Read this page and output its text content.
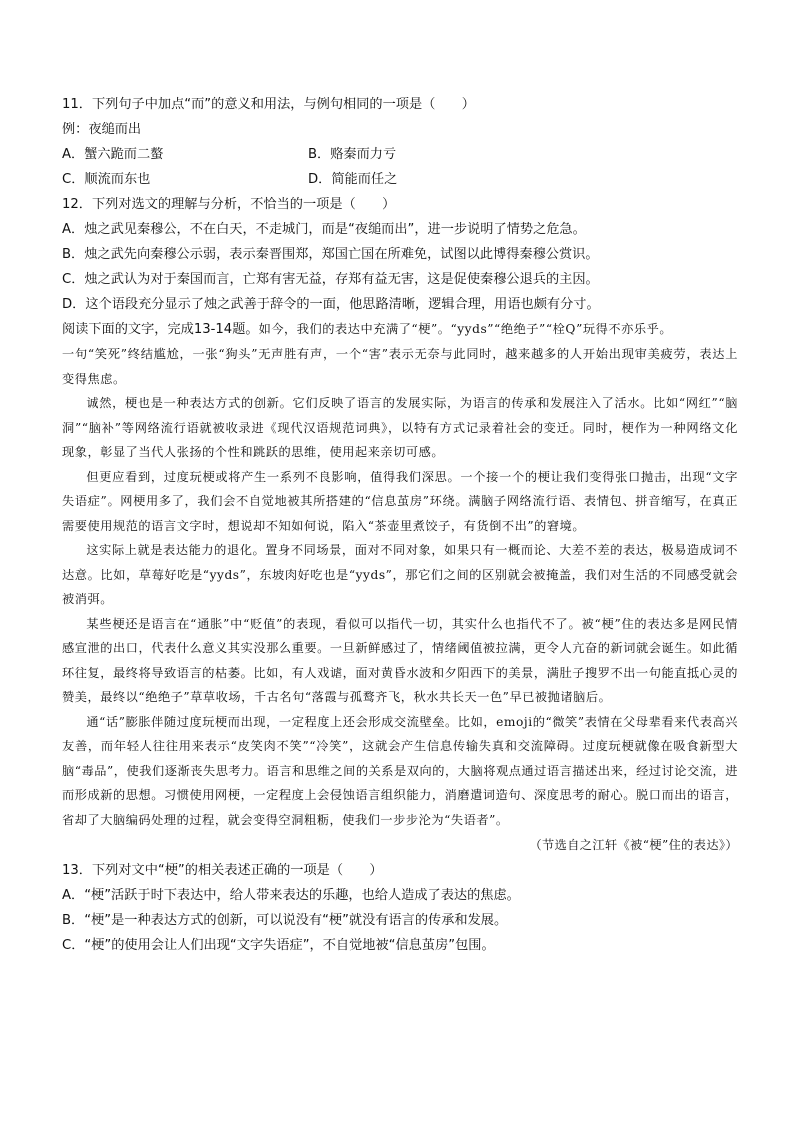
11．下列句子中加点“而”的意义和用法，与例句相同的一项是（　　）
例：夜缒而出
A．蟹六跪而二螯	B．赂秦而力亏
C．顺流而东也	D．简能而任之
12．下列对选文的理解与分析，不恰当的一项是（　　）
A．烛之武见秦穆公，不在白天，不走城门，而是“夜缒而出”，进一步说明了情势之危急。
B．烛之武先向秦穆公示弱，表示秦晋围郑，郑国亡国在所难免，试图以此博得秦穆公赏识。
C．烛之武认为对于秦国而言，亡郑有害无益，存郑有益无害，这是促使秦穆公退兵的主因。
D．这个语段充分显示了烛之武善于辞令的一面，他思路清晰，逻辑合理，用语也颇有分寸。
阅读下面的文字，完成13-14题。如今，我们的表达中充满了“梗”。“yyds”“绝绝子”“栓Q”玩得不亦乐乎。

一句“笑死”终结尴尬，一张“狗头”无声胜有声，一个“害”表示无奈与此同时，越来越多的人开始出现审美疲劳，表达上变得焦虑。

诚然，梗也是一种表达方式的创新。它们反映了语言的发展实际，为语言的传承和发展注入了活水。比如“网红”“脑洞”“脑补”等网络流行语就被收录进《现代汉语规范词典》，以特有方式记录着社会的变迁。同时，梗作为一种网络文化现象，彰显了当代人张扬的个性和跳跃的思维，使用起来亲切可感。

但更应看到，过度玩梗或将产生一系列不良影响，值得我们深思。一个接一个的梗让我们变得张口抛击，出现“文字失语症”。网梗用多了，我们会不自觉地被其所搭建的“信息茧房”环绕。满脑子网络流行语、表情包、拼音缩写，在真正需要使用规范的语言文字时，想说却不知如何说，陷入“茶壶里煮饺子，有货倒不出”的窘境。

这实际上就是表达能力的退化。置身不同场景，面对不同对象，如果只有一概而论、大差不差的表达，极易造成词不达意。比如，草莓好吃是“yyds”，东坡肉好吃也是“yyds”，那它们之间的区别就会被掩盖，我们对生活的不同感受就会被消弭。

某些梗还是语言在“通胀”中“贬值”的表现，看似可以指代一切，其实什么也指代不了。被“梗”住的表达多是网民情感宣泄的出口，代表什么意义其实没那么重要。一旦新鲜感过了，情绪阈值被拉满，更令人亢奋的新词就会诞生。如此循环往复，最终将导致语言的枯萎。比如，有人戏谑，面对黄昏水波和夕阳西下的美景，满肚子搜罗不出一句能直抵心灵的赞美，最终以“绝绝子”草草收场，千古名句“落霞与孤鹜齐飞，秋水共长天一色”早已被抛诸脑后。

通“话”膨胀伴随过度玩梗而出现，一定程度上还会形成交流壁垒。比如，emoji的“微笑”表情在父母辈看来代表高兴友善，而年轻人往往用来表示“皮笑肉不笑”“冷笑”，这就会产生信息传输失真和交流障碍。过度玩梗就像在吸食新型大脑“毒品”，使我们逐渐丧失思考力。语言和思维之间的关系是双向的，大脑将观点通过语言描述出来，经过讨论交流，进而形成新的思想。习惯使用网梗，一定程度上会侵蚀语言组织能力，消磨遣词造句、深度思考的耐心。脱口而出的语言，省却了大脑编码处理的过程，就会变得空洞粗粝，使我们一步步沦为“失语者”。

（节选自之江轩《被“梗”住的表达》）
13．下列对文中“梗”的相关表述正确的一项是（　　）
A．“梗”活跃于时下表达中，给人带来表达的乐趣，也给人造成了表达的焦虑。
B．“梗”是一种表达方式的创新，可以说没有“梗”就没有语言的传承和发展。
C．“梗”的使用会让人们出现“文字失语症”，不自觉地被“信息茧房”包围。
